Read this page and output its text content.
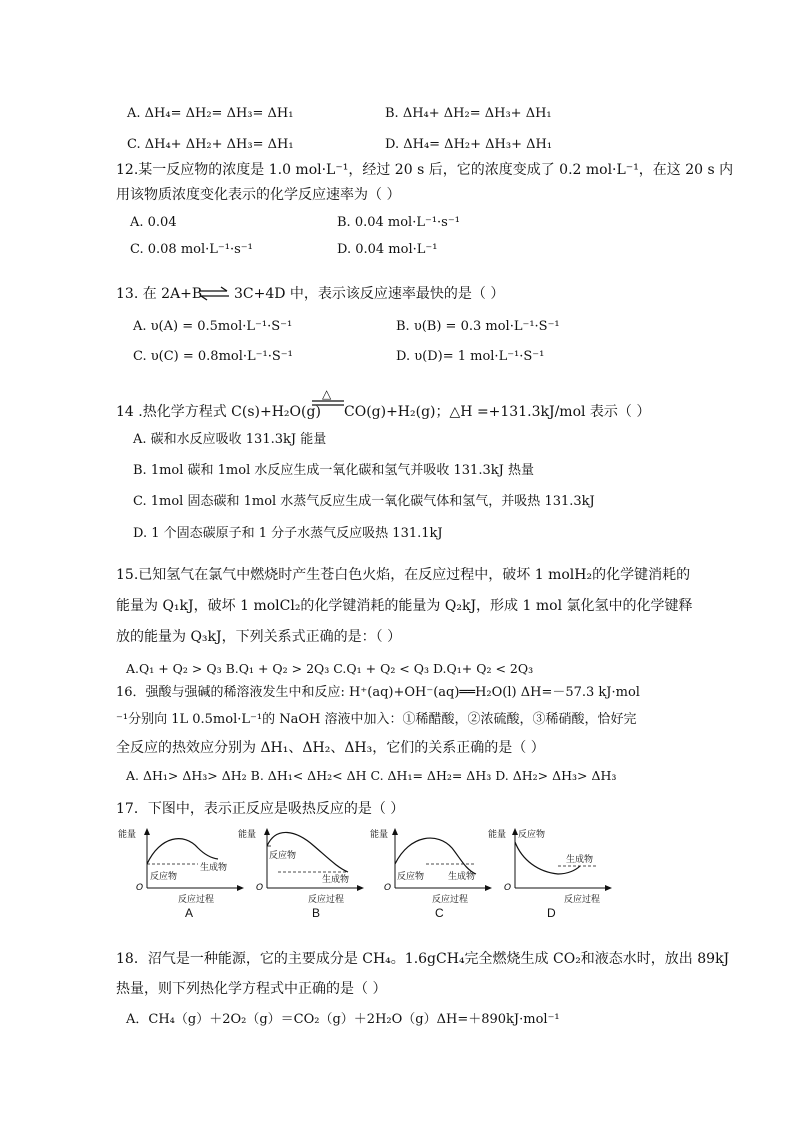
A. ΔH₄= ΔH₂= ΔH₃= ΔH₁	B. ΔH₄+ ΔH₂= ΔH₃+ ΔH₁
C. ΔH₄+ ΔH₂+ ΔH₃= ΔH₁	D. ΔH₄= ΔH₂+ ΔH₃+ ΔH₁
12.某一反应物的浓度是 1.0 mol·L⁻¹，经过 20 s 后，它的浓度变成了 0.2 mol·L⁻¹，在这 20 s 内
用该物质浓度变化表示的化学反应速率为（ ）
A. 0.04	B. 0.04 mol·L⁻¹·s⁻¹
C. 0.08 mol·L⁻¹·s⁻¹	D. 0.04 mol·L⁻¹
13. 在 2A+B ⇌ 3C+4D 中，表示该反应速率最快的是（ ）
A. υ(A) = 0.5mol·L⁻¹·S⁻¹	B. υ(B) = 0.3 mol·L⁻¹·S⁻¹
C. υ(C) = 0.8mol·L⁻¹·S⁻¹	D. υ(D)= 1 mol·L⁻¹·S⁻¹
14 .热化学方程式 C(s)+H₂O(g)
△
CO(g)+H₂(g)；△H =+131.3kJ/mol 表示（ ）
A. 碳和水反应吸收 131.3kJ 能量
B. 1mol 碳和 1mol 水反应生成一氧化碳和氢气并吸收 131.3kJ 热量
C. 1mol 固态碳和 1mol 水蒸气反应生成一氧化碳气体和氢气，并吸热 131.3kJ
D. 1 个固态碳原子和 1 分子水蒸气反应吸热 131.1kJ
15.已知氢气在氯气中燃烧时产生苍白色火焰，在反应过程中，破坏 1 molH₂的化学键消耗的
能量为 Q₁kJ，破坏 1 molCl₂的化学键消耗的能量为 Q₂kJ，形成 1 mol 氯化氢中的化学键释
放的能量为 Q₃kJ，下列关系式正确的是：（ ）
A.Q₁ + Q₂ > Q₃ B.Q₁ + Q₂ > 2Q₃ C.Q₁ + Q₂ < Q₃ D.Q₁+ Q₂ < 2Q₃
16．强酸与强碱的稀溶液发生中和反应: H⁺(aq)+OH⁻(aq)══H₂O(l) ΔH=－57.3 kJ·mol
⁻¹分别向 1L 0.5mol·L⁻¹的 NaOH 溶液中加入：①稀醋酸，②浓硫酸，③稀硝酸，恰好完
全反应的热效应分别为 ΔH₁、ΔH₂、ΔH₃，它们的关系正确的是（ ）
A. ΔH₁> ΔH₃> ΔH₂ B. ΔH₁< ΔH₂< ΔH C. ΔH₁= ΔH₂= ΔH₃ D. ΔH₂> ΔH₃> ΔH₃
17．下图中，表示正反应是吸热反应的是（ ）
能量
O
反应物
生成物
反应过程
A
能量
O
反应物
生成物
反应过程
B
能量
O
反应物	生成物
反应过程
C
能量
O
反应物
生成物
反应过程
D
18．沼气是一种能源，它的主要成分是 CH₄。1.6gCH₄完全燃烧生成 CO₂和液态水时，放出 89kJ
热量，则下列热化学方程式中正确的是（ ）
A．CH₄（g）＋2O₂（g）＝CO₂（g）＋2H₂O（g）ΔH=＋890kJ·mol⁻¹
